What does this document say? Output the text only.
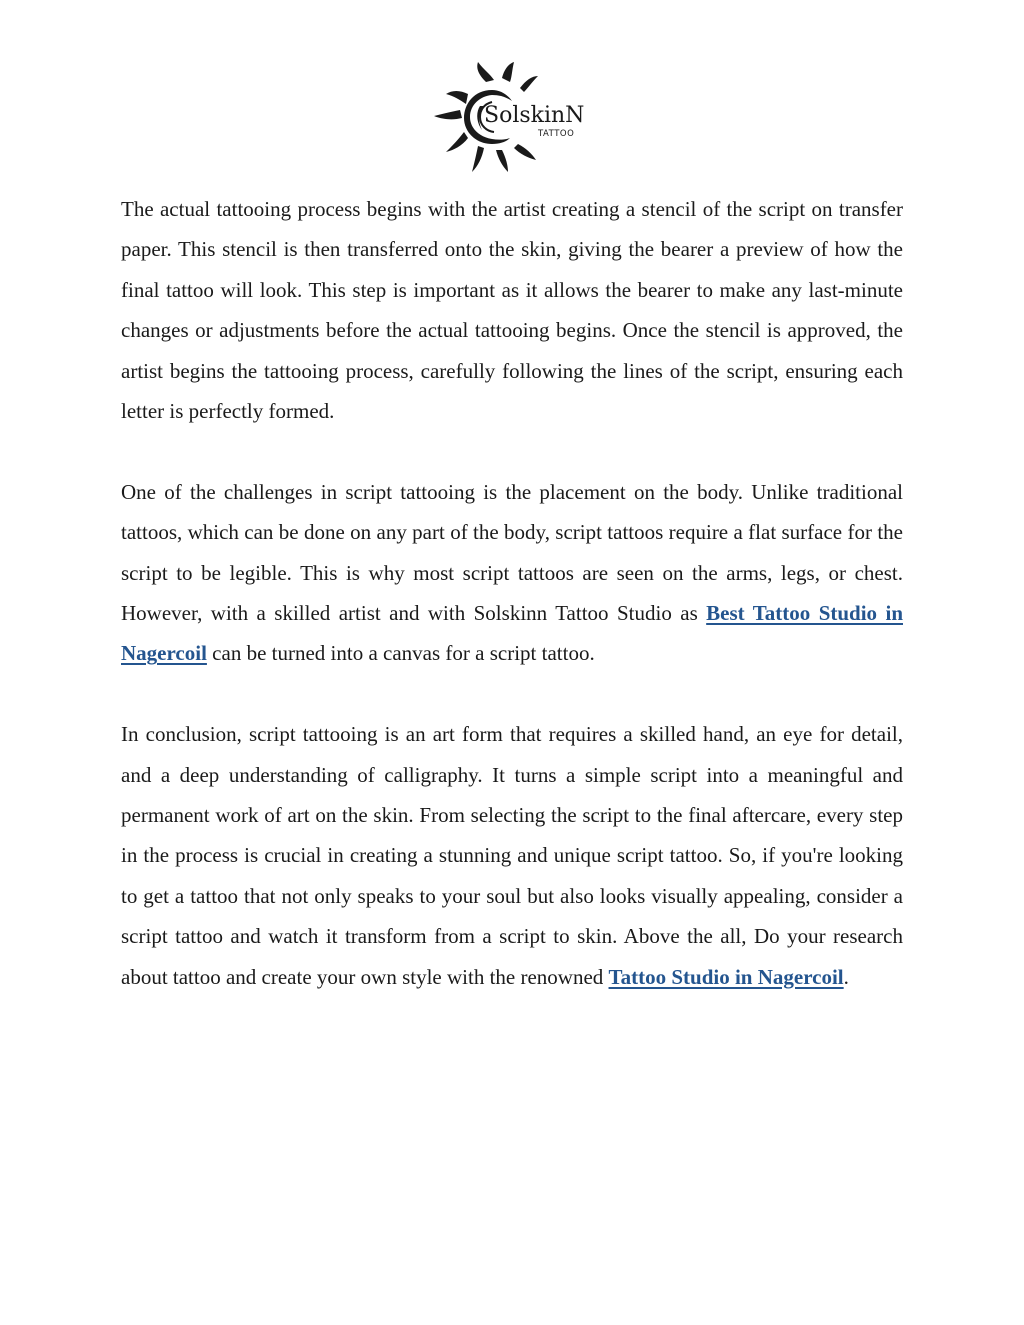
SolskinN
TATTOO

The actual tattooing process begins with the artist creating a stencil of the script on transfer paper. This stencil is then transferred onto the skin, giving the bearer a preview of how the final tattoo will look. This step is important as it allows the bearer to make any last-minute changes or adjustments before the actual tattooing begins. Once the stencil is approved, the artist begins the tattooing process, carefully following the lines of the script, ensuring each letter is perfectly formed.

One of the challenges in script tattooing is the placement on the body. Unlike traditional tattoos, which can be done on any part of the body, script tattoos require a flat surface for the script to be legible. This is why most script tattoos are seen on the arms, legs, or chest. However, with a skilled artist and with Solskinn Tattoo Studio as Best Tattoo Studio in Nagercoil can be turned into a canvas for a script tattoo.

In conclusion, script tattooing is an art form that requires a skilled hand, an eye for detail, and a deep understanding of calligraphy. It turns a simple script into a meaningful and permanent work of art on the skin. From selecting the script to the final aftercare, every step in the process is crucial in creating a stunning and unique script tattoo. So, if you're looking to get a tattoo that not only speaks to your soul but also looks visually appealing, consider a script tattoo and watch it transform from a script to skin. Above the all, Do your research about tattoo and create your own style with the renowned Tattoo Studio in Nagercoil.
